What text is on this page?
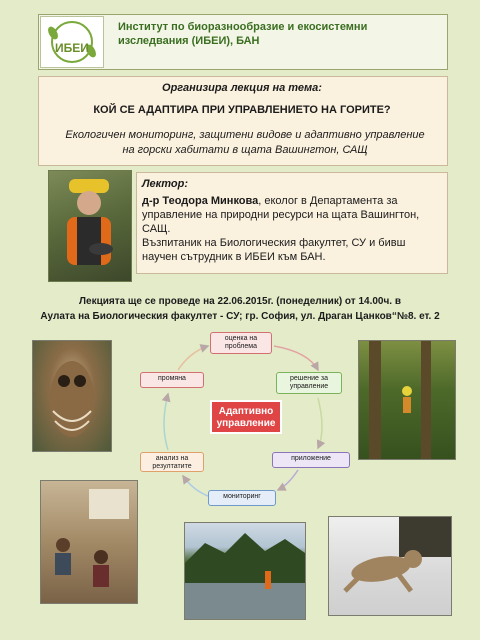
ИБЕИ
Институт по биоразнообразие и екосистемни изследвания (ИБЕИ), БАН
Организира лекция на тема:
КОЙ СЕ АДАПТИРА ПРИ УПРАВЛЕНИЕТО НА ГОРИТЕ?
Екологичен мониторинг, защитени видове и адаптивно управление на горски хабитати в щата Вашингтон, САЩ
Лектор:
д-р Теодора Минкова, еколог в Департамента за управление на природни ресурси на щата Вашингтон, САЩ.
Възпитаник на Биологическия факултет, СУ и бивш научен сътрудник в ИБЕИ към БАН.
Лекцията ще се проведе на 22.06.2015г. (понеделник) от 14.00ч. в
Аулата на Биологическия факултет - СУ; гр. София, ул. Драган Цанков“№8. ет. 2
оценка на проблема
решение за управление
приложение
мониторинг
анализ на резултатите
промяна
Адаптивно управление
